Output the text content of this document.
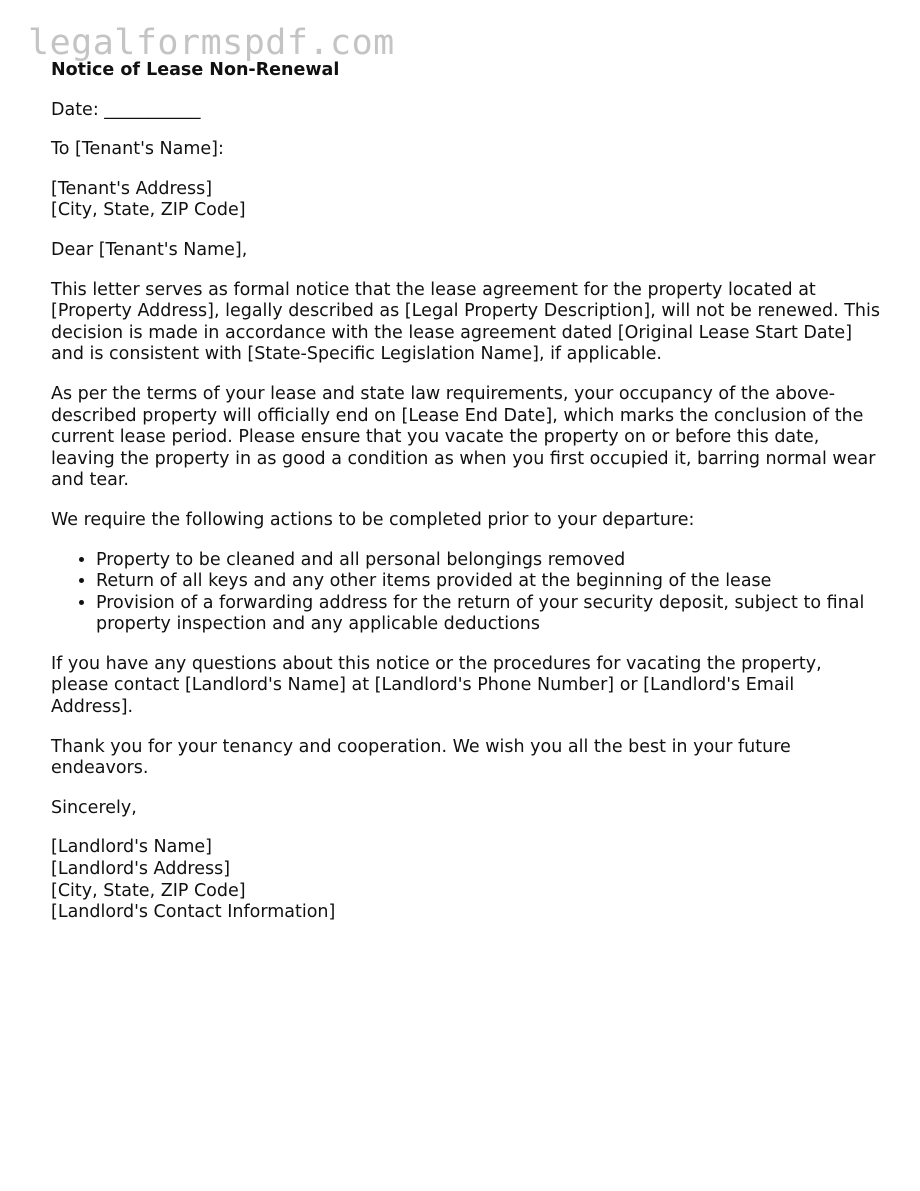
legalformspdf.com

Notice of Lease Non-Renewal

Date: ___________

To [Tenant's Name]:

[Tenant's Address]
[City, State, ZIP Code]

Dear [Tenant's Name],

This letter serves as formal notice that the lease agreement for the property located at [Property Address], legally described as [Legal Property Description], will not be renewed. This decision is made in accordance with the lease agreement dated [Original Lease Start Date] and is consistent with [State-Specific Legislation Name], if applicable.

As per the terms of your lease and state law requirements, your occupancy of the above-described property will officially end on [Lease End Date], which marks the conclusion of the current lease period. Please ensure that you vacate the property on or before this date, leaving the property in as good a condition as when you first occupied it, barring normal wear and tear.

We require the following actions to be completed prior to your departure:

• Property to be cleaned and all personal belongings removed
• Return of all keys and any other items provided at the beginning of the lease
• Provision of a forwarding address for the return of your security deposit, subject to final property inspection and any applicable deductions

If you have any questions about this notice or the procedures for vacating the property, please contact [Landlord's Name] at [Landlord's Phone Number] or [Landlord's Email Address].

Thank you for your tenancy and cooperation. We wish you all the best in your future endeavors.

Sincerely,

[Landlord's Name]
[Landlord's Address]
[City, State, ZIP Code]
[Landlord's Contact Information]
